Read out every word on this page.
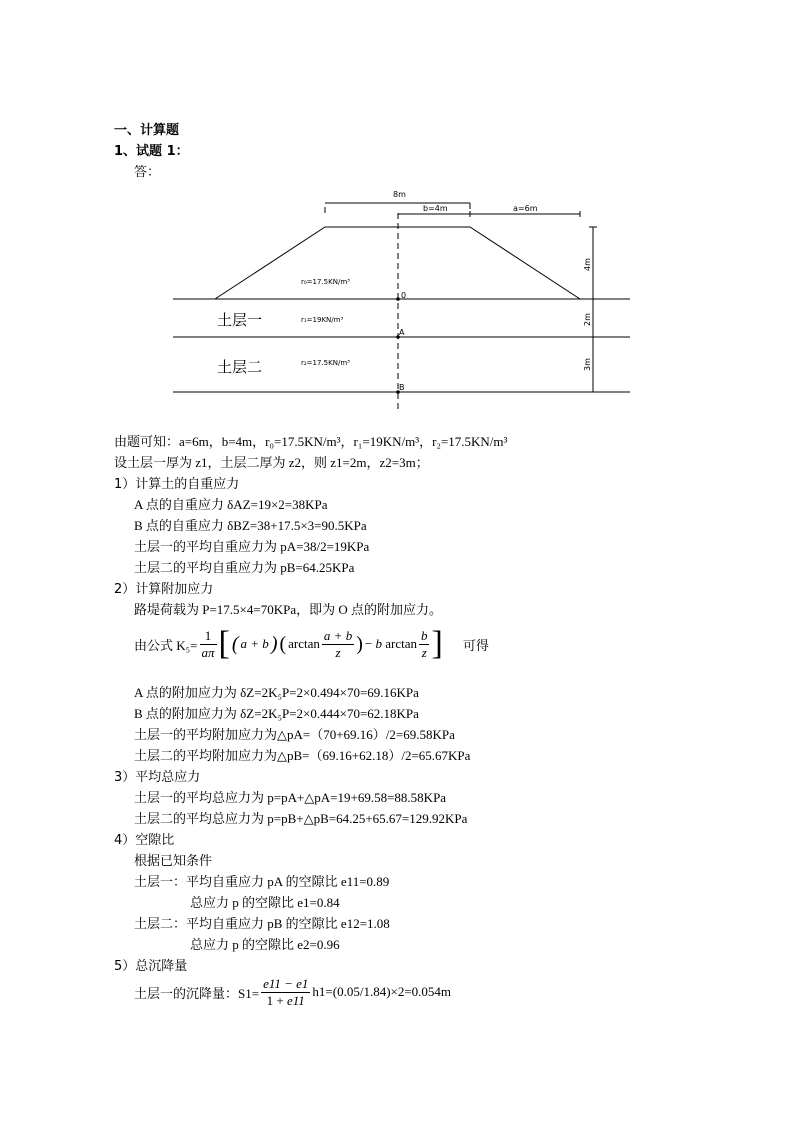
一、计算题
1、试题 1：
答：
8m
b=4m	a=6m
4m
2m
3m
r₀=17.5KN/m³
r₁=19KN/m³
r₂=17.5KN/m³
0
A
B
土层一
土层二
由题可知：a=6m，b=4m，r₀=17.5KN/m³，r₁=19KN/m³，r₂=17.5KN/m³
设土层一厚为 z1，土层二厚为 z2，则 z1=2m，z2=3m；
1）计算土的自重应力
A 点的自重应力 δAZ=19×2=38KPa
B 点的自重应力 δBZ=38+17.5×3=90.5KPa
土层一的平均自重应力为 pA=38/2=19KPa
土层二的平均自重应力为 pB=64.25KPa
2）计算附加应力
路堤荷载为 P=17.5×4=70KPa，即为 O 点的附加应力。
由公式 $K_5= \frac{1}{a\pi}$ [ ( a + b ) ( $\arctan \frac{a + b}{z}$ ) − b $\arctan \frac{b}{z}$ ] 可得
A 点的附加应力为 δZ=2K₅P=2×0.494×70=69.16KPa
B 点的附加应力为 δZ=2K₅P=2×0.444×70=62.18KPa
土层一的平均附加应力为△pA=（70+69.16）/2=69.58KPa
土层二的平均附加应力为△pB=（69.16+62.18）/2=65.67KPa
3）平均总应力
土层一的平均总应力为 p=pA+△pA=19+69.58=88.58KPa
土层二的平均总应力为 p=pB+△pB=64.25+65.67=129.92KPa
4）空隙比
根据已知条件
土层一：平均自重应力 pA 的空隙比 e11=0.89
总应力 p 的空隙比 e1=0.84
土层二：平均自重应力 pB 的空隙比 e12=1.08
总应力 p 的空隙比 e2=0.96
5）总沉降量
土层一的沉降量：$S1= \frac{e11 - e1}{1 + e11} h1=(0.05/1.84)\times 2=0.054m$
